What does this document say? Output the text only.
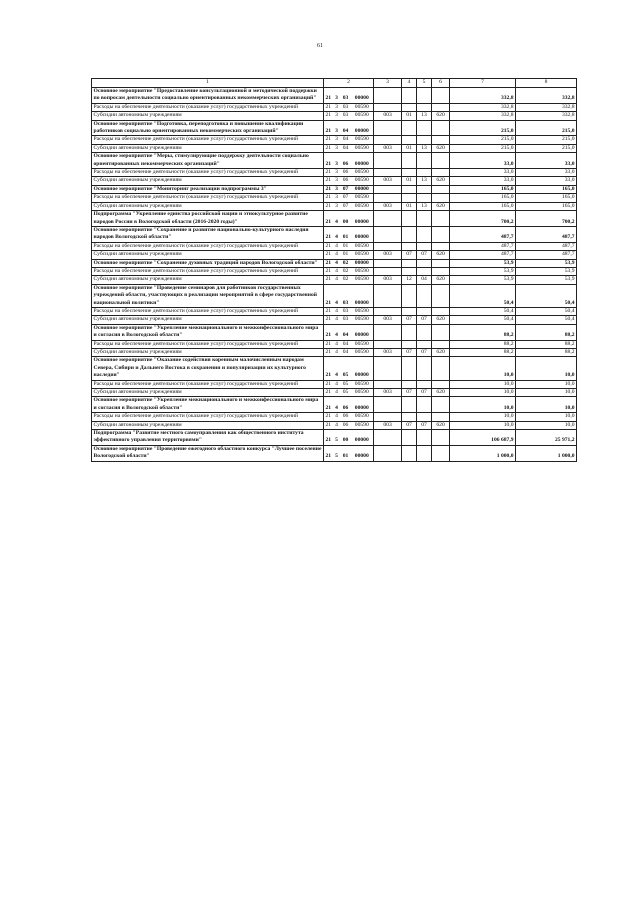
61
1	2				3	4	5	6	7	8
Основное мероприятие "Предоставление консультационной и методической поддержки по вопросам деятельности социально ориентированных некоммерческих организаций"	21	3	03	00000					332,8	332,8
Расходы на обеспечение деятельности (оказание услуг) государственных учреждений	21	3	03	00590					332,8	332,8
Субсидии автономным учреждениям	21	3	03	00590	003	01	13	620	332,8	332,8
Основное мероприятие "Подготовка, переподготовка и повышение квалификации работников социально ориентированных некоммерческих организаций"	21	3	04	00000					215,0	215,0
Расходы на обеспечение деятельности (оказание услуг) государственных учреждений	21	3	04	00590					215,0	215,0
Субсидии автономным учреждениям	21	3	04	00590	003	01	13	620	215,0	215,0
Основное мероприятие "Меры, стимулирующие поддержку деятельности социально ориентированных некоммерческих организаций"	21	3	06	00000					33,0	33,0
Расходы на обеспечение деятельности (оказание услуг) государственных учреждений	21	3	06	00590					33,0	33,0
Субсидии автономным учреждениям	21	3	06	00590	003	01	13	620	33,0	33,0
Основное мероприятие "Мониторинг реализации подпрограммы 3"	21	3	07	00000					165,0	165,0
Расходы на обеспечение деятельности (оказание услуг) государственных учреждений	21	3	07	00590					165,0	165,0
Субсидии автономным учреждениям	21	3	07	00590	003	01	13	620	165,0	165,0
Подпрограмма "Укрепление единства российской нации и этнокультурное развитие народов России в Вологодской области (2016-2020 годы)"	21	4	00	00000					700,2	700,2
Основное мероприятие "Сохранение и развитие национально-культурного наследия народов Вологодской области"	21	4	01	00000					487,7	487,7
Расходы на обеспечение деятельности (оказание услуг) государственных учреждений	21	4	01	00590					487,7	487,7
Субсидии автономным учреждениям	21	4	01	00590	003	07	07	620	487,7	487,7
Основное мероприятие "Сохранение духовных традиций народов Вологодской области"	21	4	02	00000					53,9	53,9
Расходы на обеспечение деятельности (оказание услуг) государственных учреждений	21	4	02	00590					53,9	53,9
Субсидии автономным учреждениям	21	4	02	00590	003	12	04	620	53,9	53,9
Основное мероприятие "Проведение семинаров для работников государственных учреждений области, участвующих в реализации мероприятий в сфере государственной национальной политики"	21	4	03	00000					50,4	50,4
Расходы на обеспечение деятельности (оказание услуг) государственных учреждений	21	4	03	00590					50,4	50,4
Субсидии автономным учреждениям	21	4	03	00590	003	07	07	620	50,4	50,4
Основное мероприятие "Укрепление межнационального и межконфессионального мира и согласия в Вологодской области"	21	4	04	00000					88,2	88,2
Расходы на обеспечение деятельности (оказание услуг) государственных учреждений	21	4	04	00590					88,2	88,2
Субсидии автономным учреждениям	21	4	04	00590	003	07	07	620	88,2	88,2
Основное мероприятие "Оказание содействия коренным малочисленным народам Севера, Сибири и Дальнего Востока в сохранении и популяризации их культурного наследия"	21	4	05	00000					10,0	10,0
Расходы на обеспечение деятельности (оказание услуг) государственных учреждений	21	4	05	00590					10,0	10,0
Субсидии автономным учреждениям	21	4	05	00590	003	07	07	620	10,0	10,0
Основное мероприятие "Укрепление межнационального и межконфессионального мира и согласия в Вологодской области"	21	4	06	00000					10,0	10,0
Расходы на обеспечение деятельности (оказание услуг) государственных учреждений	21	4	06	00590					10,0	10,0
Субсидии автономным учреждениям	21	4	06	00590	003	07	07	620	10,0	10,0
Подпрограмма "Развитие местного самоуправления как общественного института эффективного управления территориями"	21	5	00	00000					106 687,9	25 971,2
Основное мероприятие "Проведение ежегодного областного конкурса "Лучшее поселение Вологодской области"	21	5	01	00000					1 000,0	1 000,0
